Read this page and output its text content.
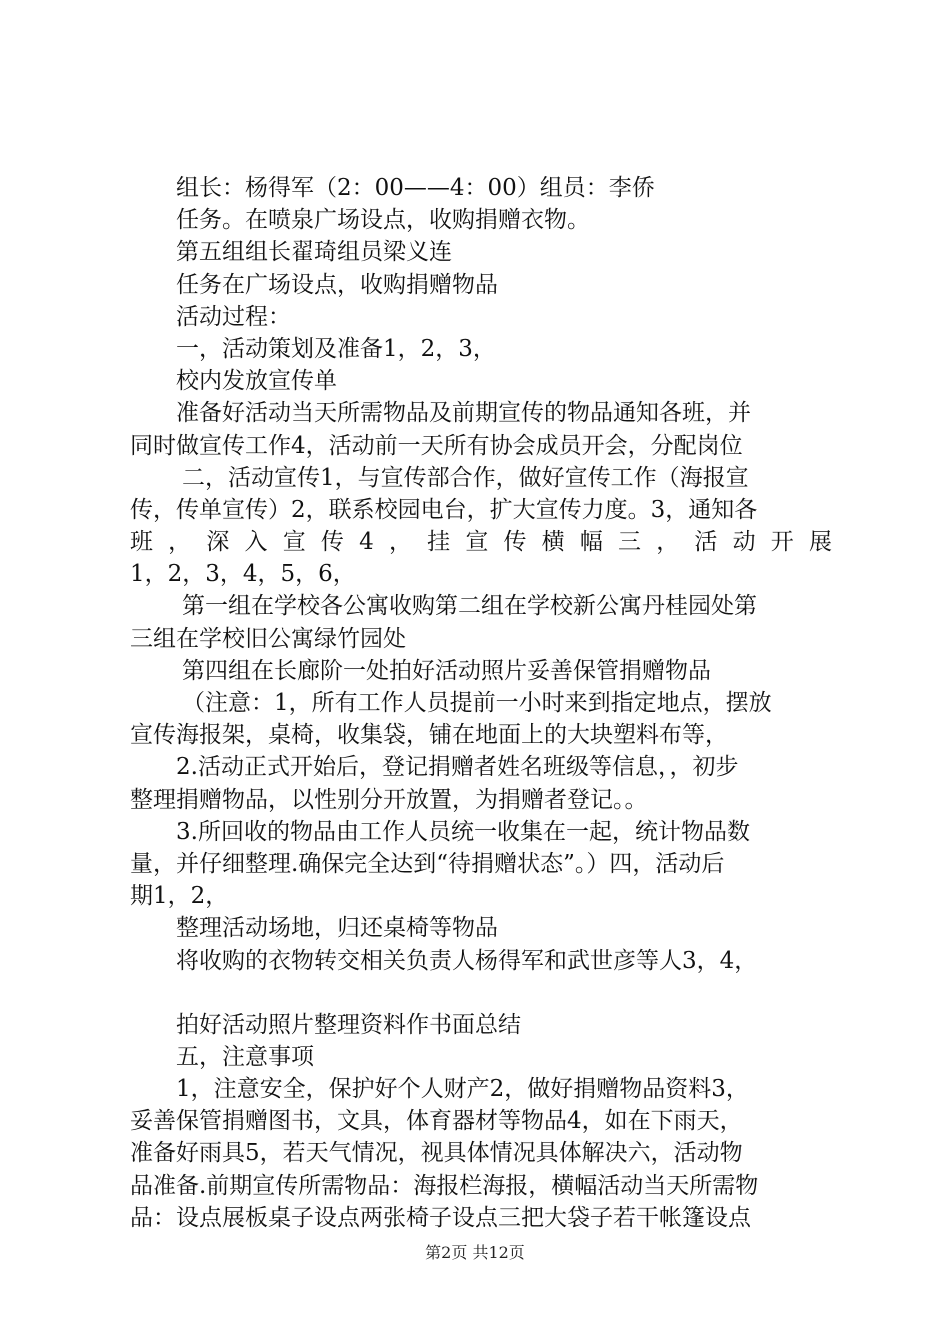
组长：杨得军（2：00——4：00）组员：李侨
任务。在喷泉广场设点，收购捐赠衣物。
第五组组长翟琦组员梁义连
任务在广场设点，收购捐赠物品
活动过程：
一，活动策划及准备1，2，3，
校内发放宣传单
准备好活动当天所需物品及前期宣传的物品通知各班，并
同时做宣传工作4，活动前一天所有协会成员开会，分配岗位
二，活动宣传1，与宣传部合作，做好宣传工作（海报宣
传，传单宣传）2，联系校园电台，扩大宣传力度。3，通知各
班，深入宣传4，挂宣传横幅三，活动开展
1，2，3，4，5，6，
第一组在学校各公寓收购第二组在学校新公寓丹桂园处第
三组在学校旧公寓绿竹园处
第四组在长廊阶一处拍好活动照片妥善保管捐赠物品
（注意：1，所有工作人员提前一小时来到指定地点，摆放
宣传海报架，桌椅，收集袋，铺在地面上的大块塑料布等，
2.活动正式开始后，登记捐赠者姓名班级等信息，，初步
整理捐赠物品，以性别分开放置，为捐赠者登记。。
3.所回收的物品由工作人员统一收集在一起，统计物品数
量，并仔细整理.确保完全达到“待捐赠状态”。）四，活动后
期1，2，
整理活动场地，归还桌椅等物品
将收购的衣物转交相关负责人杨得军和武世彦等人3，4，
拍好活动照片整理资料作书面总结
五，注意事项
1，注意安全，保护好个人财产2，做好捐赠物品资料3，
妥善保管捐赠图书，文具，体育器材等物品4，如在下雨天，
准备好雨具5，若天气情况，视具体情况具体解决六，活动物
品准备.前期宣传所需物品：海报栏海报，横幅活动当天所需物
品：设点展板桌子设点两张椅子设点三把大袋子若干帐篷设点
第2页 共12页
